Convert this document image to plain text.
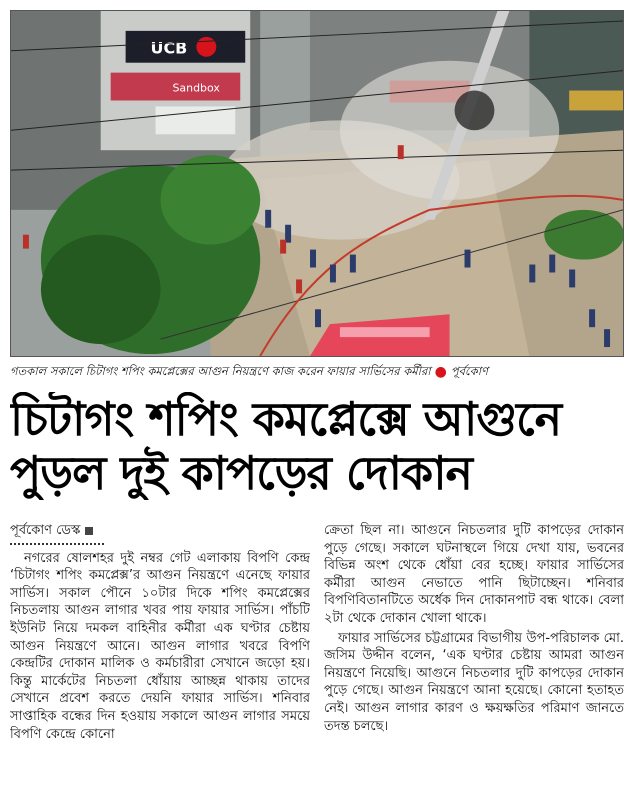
UCB
Sandbox
গতকাল সকালে চিটাগং শপিং কমপ্লেক্সের আগুন নিয়ন্ত্রণে কাজ করেন ফায়ার সার্ভিসের কর্মীরা ● পূর্বকোণ
চিটাগং শপিং কমপ্লেক্সে আগুনে
পুড়ল দুই কাপড়ের দোকান
পূর্বকোণ ডেস্ক

নগরের ষোলশহর দুই নম্বর গেট এলাকায় বিপণি কেন্দ্র ‘চিটাগং শপিং কমপ্লেক্স’র আগুন নিয়ন্ত্রণে এনেছে ফায়ার সার্ভিস। সকাল পৌনে ১০টার দিকে শপিং কমপ্লেক্সের নিচতলায় আগুন লাগার খবর পায় ফায়ার সার্ভিস। পাঁচটি ইউনিট নিয়ে দমকল বাহিনীর কর্মীরা এক ঘণ্টার চেষ্টায় আগুন নিয়ন্ত্রণে আনে। আগুন লাগার খবরে বিপণি কেন্দ্রটির দোকান মালিক ও কর্মচারীরা সেখানে জড়ো হয়। কিন্তু মার্কেটের নিচতলা ধোঁয়ায় আচ্ছন্ন থাকায় তাদের সেখানে প্রবেশ করতে দেয়নি ফায়ার সার্ভিস। শনিবার সাপ্তাহিক বন্ধের দিন হওয়ায় সকালে আগুন লাগার সময়ে বিপণি কেন্দ্রে কোনো

ক্রেতা ছিল না। আগুনে নিচতলার দুটি কাপড়ের দোকান পুড়ে গেছে। সকালে ঘটনাস্থলে গিয়ে দেখা যায়, ভবনের বিভিন্ন অংশ থেকে ধোঁয়া বের হচ্ছে। ফায়ার সার্ভিসের কর্মীরা আগুন নেভাতে পানি ছিটাচ্ছেন। শনিবার বিপণিবিতানটিতে অর্ধেক দিন দোকানপাট বন্ধ থাকে। বেলা ২টা থেকে দোকান খোলা থাকে।

ফায়ার সার্ভিসের চট্টগ্রামের বিভাগীয় উপ-পরিচালক মো. জসিম উদ্দীন বলেন, ‘এক ঘণ্টার চেষ্টায় আমরা আগুন নিয়ন্ত্রণে নিয়েছি। আগুনে নিচতলার দুটি কাপড়ের দোকান পুড়ে গেছে। আগুন নিয়ন্ত্রণে আনা হয়েছে। কোনো হতাহত নেই। আগুন লাগার কারণ ও ক্ষয়ক্ষতির পরিমাণ জানতে তদন্ত চলছে।
